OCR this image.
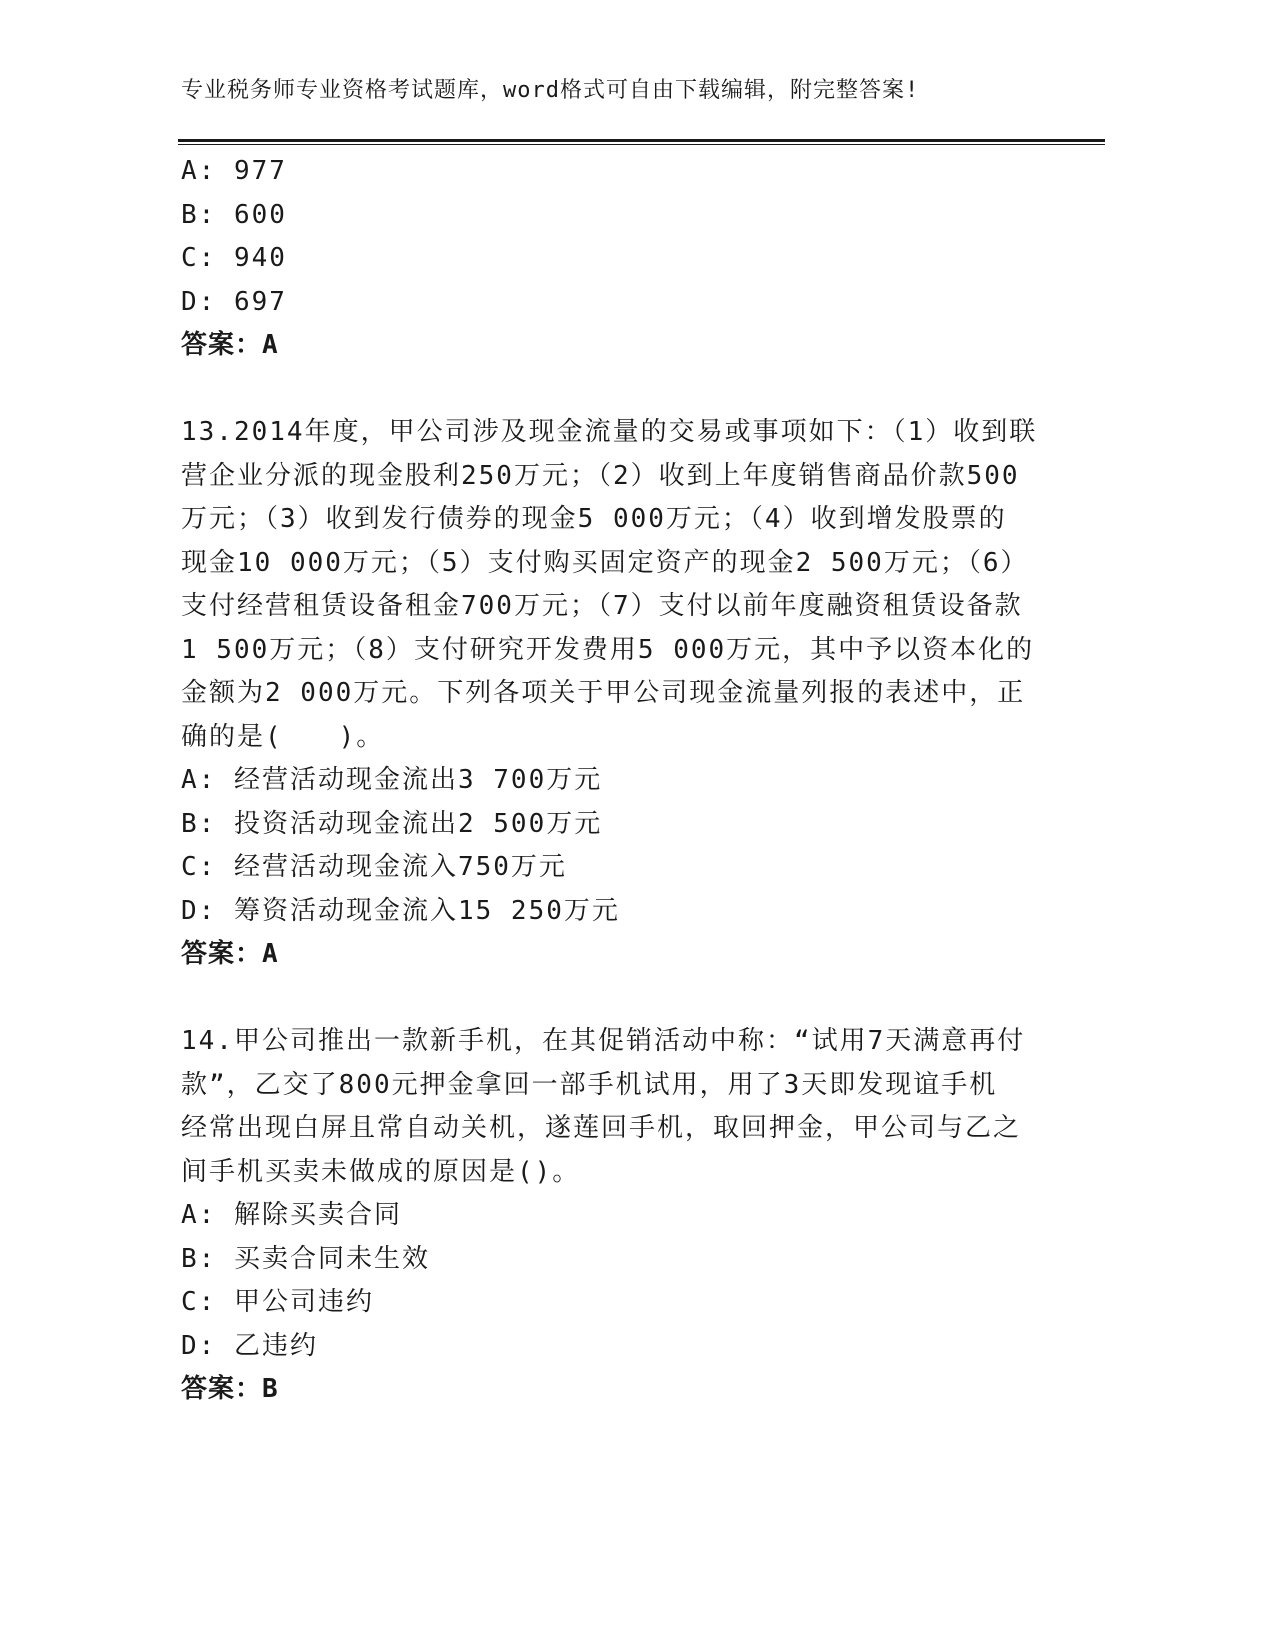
专业税务师专业资格考试题库，word格式可自由下载编辑，附完整答案!
A: 977
B: 600
C: 940
D: 697
答案：A
13.2014年度，甲公司涉及现金流量的交易或事项如下：（1）收到联
营企业分派的现金股利250万元；（2）收到上年度销售商品价款500
万元；（3）收到发行债券的现金5 000万元；（4）收到增发股票的
现金10 000万元；（5）支付购买固定资产的现金2 500万元；（6）
支付经营租赁设备租金700万元；（7）支付以前年度融资租赁设备款
1 500万元；（8）支付研究开发费用5 000万元，其中予以资本化的
金额为2 000万元。下列各项关于甲公司现金流量列报的表述中，正
确的是(　　)。
A: 经营活动现金流出3 700万元
B: 投资活动现金流出2 500万元
C: 经营活动现金流入750万元
D: 筹资活动现金流入15 250万元
答案：A
14.甲公司推出一款新手机，在其促销活动中称：“试用7天满意再付
款”，乙交了800元押金拿回一部手机试用，用了3天即发现谊手机
经常出现白屏且常自动关机，遂莲回手机，取回押金，甲公司与乙之
间手机买卖未做成的原因是()。
A: 解除买卖合同
B: 买卖合同未生效
C: 甲公司违约
D: 乙违约
答案：B
